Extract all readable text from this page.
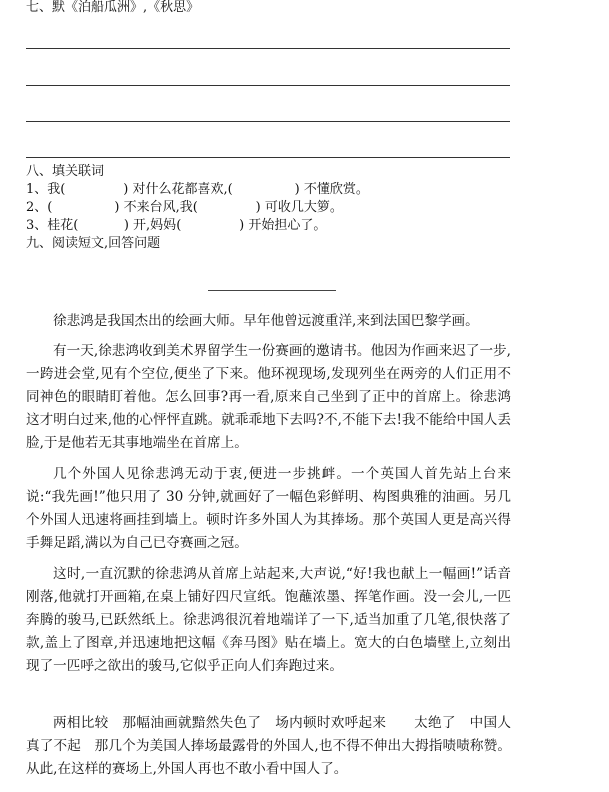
七、默《泊船瓜洲》,《秋思》
八、填关联词
1、我(	) 对什么花都喜欢,(	) 不懂欣赏。
2、(	) 不来台风,我(	) 可收几大箩。
3、桂花(	) 开,妈妈(	) 开始担心了。
九、阅读短文,回答问题

徐悲鸿是我国杰出的绘画大师。早年他曾远渡重洋,来到法国巴黎学画。

有一天,徐悲鸿收到美术界留学生一份赛画的邀请书。他因为作画来迟了一步,一跨进会堂,见有个空位,便坐了下来。他环视现场,发现列坐在两旁的人们正用不同神色的眼睛盯着他。怎么回事?再一看,原来自己坐到了正中的首席上。徐悲鸿这才明白过来,他的心怦怦直跳。就乖乖地下去吗?不,不能下去!我不能给中国人丢脸,于是他若无其事地端坐在首席上。

几个外国人见徐悲鸿无动于衷,便进一步挑衅。一个英国人首先站上台来说:“我先画!”他只用了 30 分钟,就画好了一幅色彩鲜明、构图典雅的油画。另几个外国人迅速将画挂到墙上。顿时许多外国人为其捧场。那个英国人更是高兴得手舞足蹈,满以为自己已夺赛画之冠。

这时,一直沉默的徐悲鸿从首席上站起来,大声说,“好!我也献上一幅画!”话音刚落,他就打开画箱,在桌上铺好四尺宣纸。饱蘸浓墨、挥笔作画。没一会儿,一匹奔腾的骏马,已跃然纸上。徐悲鸿很沉着地端详了一下,适当加重了几笔,很快落了款,盖上了图章,并迅速地把这幅《奔马图》贴在墙上。宽大的白色墙壁上,立刻出现了一匹呼之欲出的骏马,它似乎正向人们奔跑过来。

两相比较　那幅油画就黯然失色了　场内顿时欢呼起来　　太绝了　中国人真了不起　那几个为美国人捧场最露骨的外国人,也不得不伸出大拇指啧啧称赞。从此,在这样的赛场上,外国人再也不敢小看中国人了。
